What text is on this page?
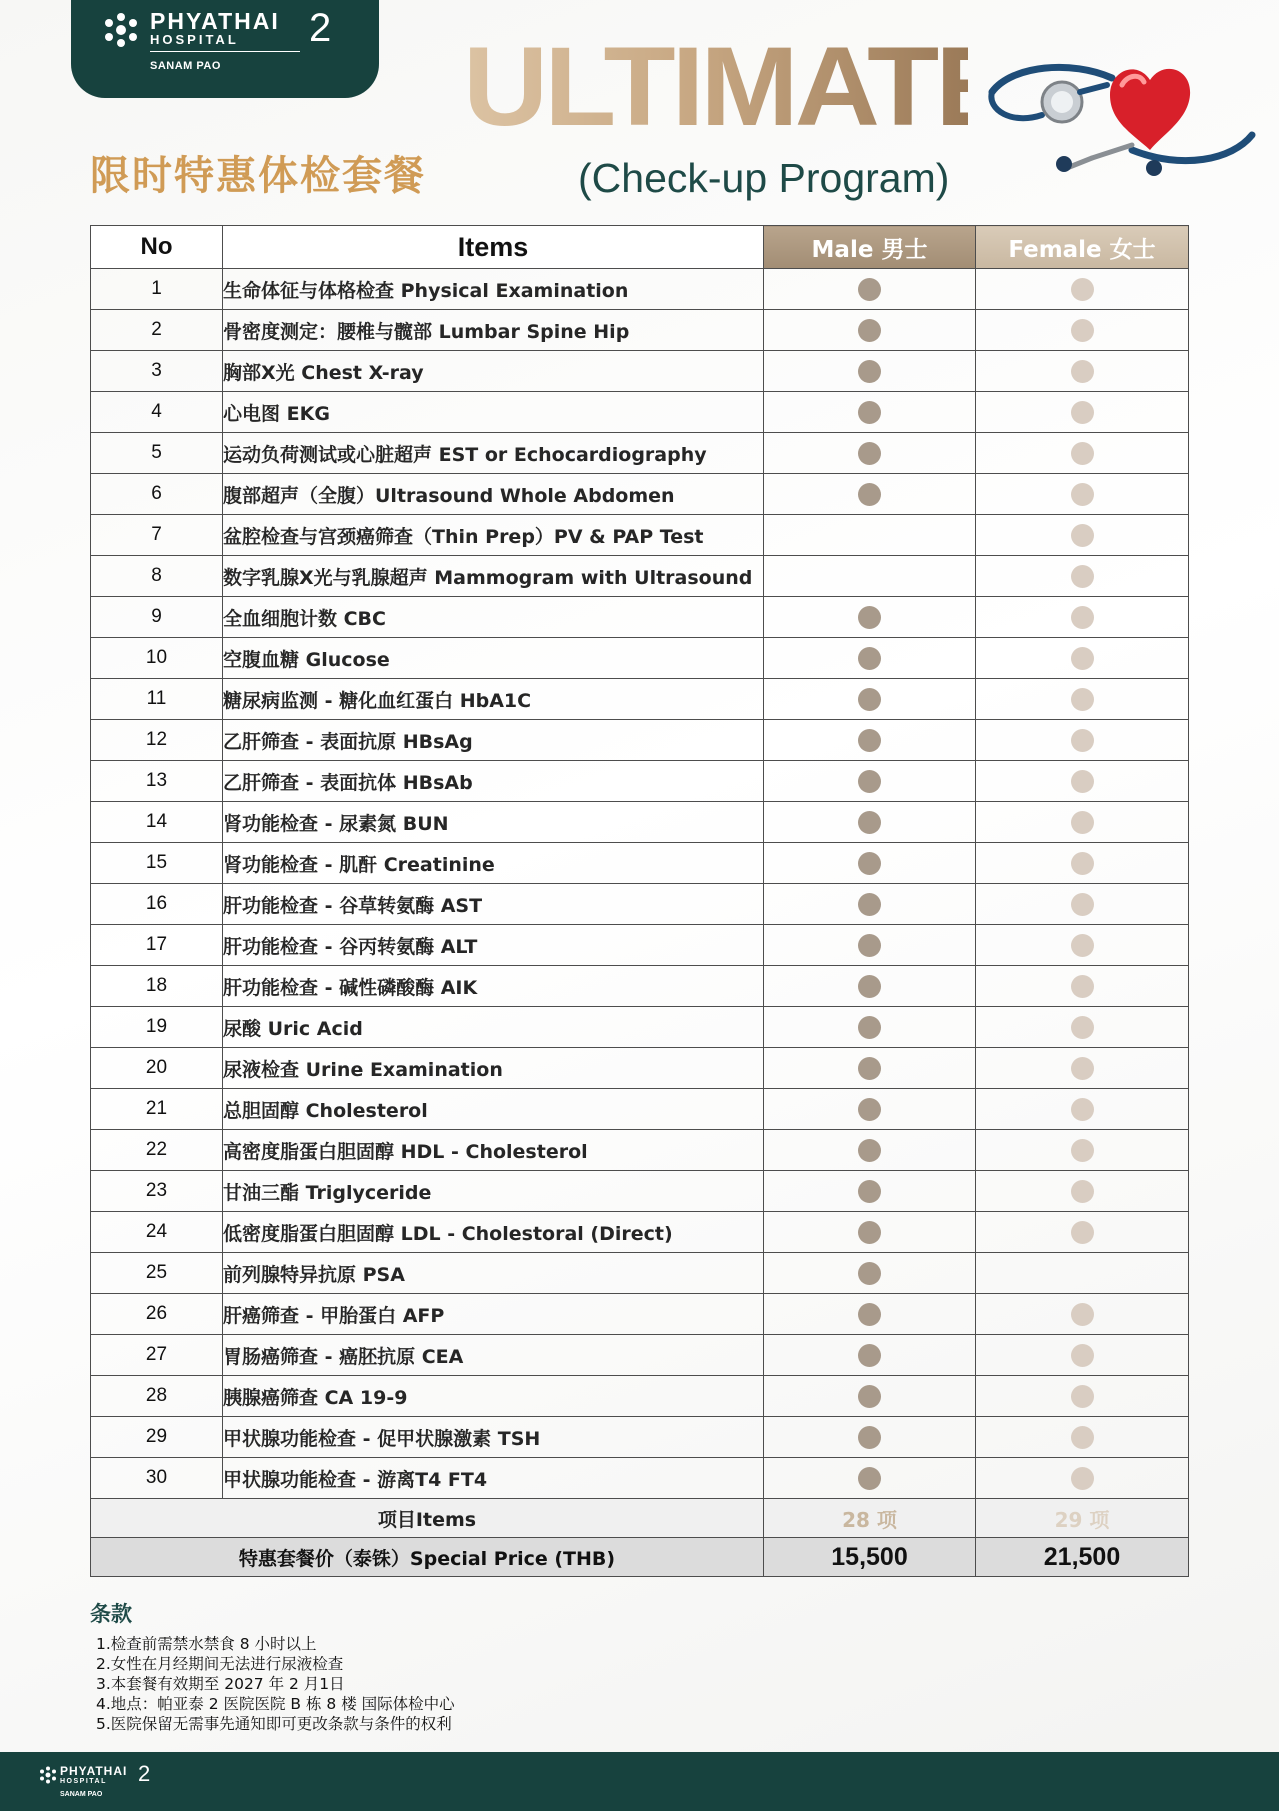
PHYATHAI
HOSPITAL 2
SANAM PAO ULTIMATE
(Check-up Program)
限时特惠体检套餐
No	Items	Male 男士	Female 女士
1	生命体征与体格检查 Physical Examination		
2	骨密度测定：腰椎与髋部 Lumbar Spine Hip		
3	胸部X光 Chest X-ray		
4	心电图 EKG		
5	运动负荷测试或心脏超声 EST or Echocardiography		
6	腹部超声（全腹）Ultrasound Whole Abdomen		
7	盆腔检查与宫颈癌筛查（Thin Prep）PV & PAP Test		
8	数字乳腺X光与乳腺超声 Mammogram with Ultrasound		
9	全血细胞计数 CBC		
10	空腹血糖 Glucose		
11	糖尿病监测 - 糖化血红蛋白 HbA1C		
12	乙肝筛查 - 表面抗原 HBsAg		
13	乙肝筛查 - 表面抗体 HBsAb		
14	肾功能检查 - 尿素氮 BUN		
15	肾功能检查 - 肌酐 Creatinine		
16	肝功能检查 - 谷草转氨酶 AST		
17	肝功能检查 - 谷丙转氨酶 ALT		
18	肝功能检查 - 碱性磷酸酶 AIK		
19	尿酸 Uric Acid		
20	尿液检查 Urine Examination		
21	总胆固醇 Cholesterol		
22	高密度脂蛋白胆固醇 HDL - Cholesterol		
23	甘油三酯 Triglyceride		
24	低密度脂蛋白胆固醇 LDL - Cholestoral (Direct)		
25	前列腺特异抗原 PSA		
26	肝癌筛查 - 甲胎蛋白 AFP		
27	胃肠癌筛查 - 癌胚抗原 CEA		
28	胰腺癌筛查 CA 19-9		
29	甲状腺功能检查 - 促甲状腺激素 TSH		
30	甲状腺功能检查 - 游离T4 FT4		
项目Items		28 项	29 项
特惠套餐价（泰铢）Special Price (THB)		15,500	21,500
条款
1.检查前需禁水禁食 8 小时以上
2.女性在月经期间无法进行尿液检查
3.本套餐有效期至 2027 年 2 月1日
4.地点：帕亚泰 2 医院医院 B 栋 8 楼 国际体检中心
5.医院保留无需事先通知即可更改条款与条件的权利
PHYATHAI
HOSPITAL 2
SANAM PAO
